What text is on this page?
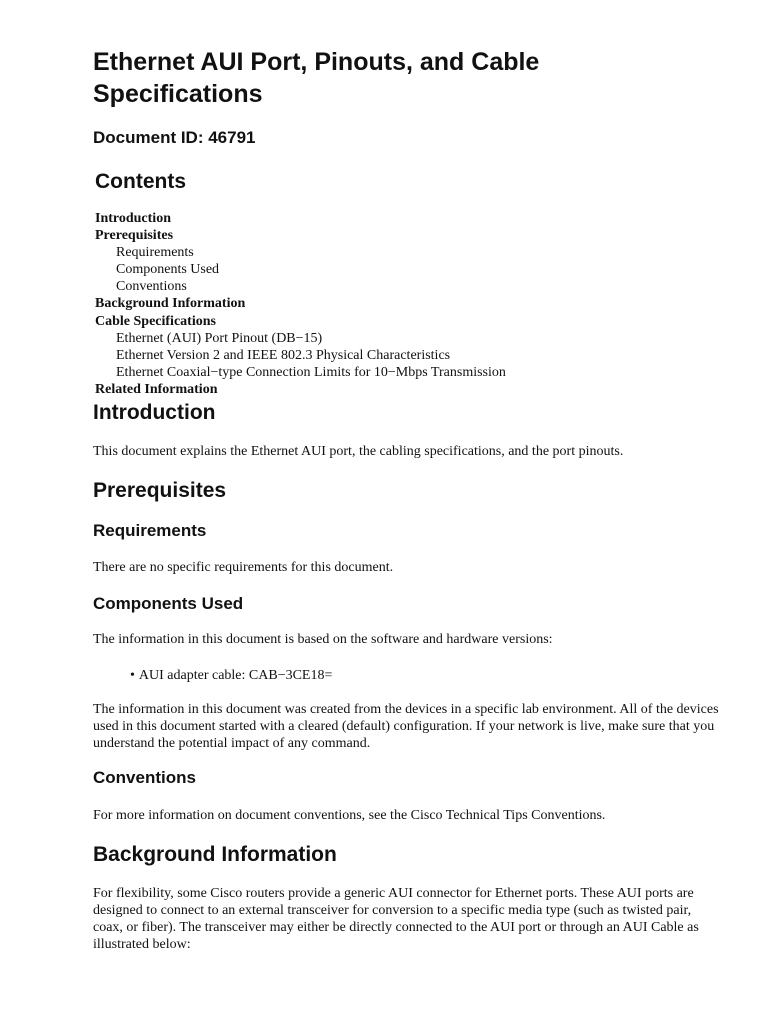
Ethernet AUI Port, Pinouts, and Cable Specifications
Document ID: 46791
Contents
Introduction
Prerequisites
Requirements
Components Used
Conventions
Background Information
Cable Specifications
Ethernet (AUI) Port Pinout (DB−15)
Ethernet Version 2 and IEEE 802.3 Physical Characteristics
Ethernet Coaxial−type Connection Limits for 10−Mbps Transmission
Related Information
Introduction

This document explains the Ethernet AUI port, the cabling specifications, and the port pinouts.

Prerequisites
Requirements

There are no specific requirements for this document.

Components Used

The information in this document is based on the software and hardware versions:

• AUI adapter cable: CAB−3CE18=

The information in this document was created from the devices in a specific lab environment. All of the devices used in this document started with a cleared (default) configuration. If your network is live, make sure that you understand the potential impact of any command.

Conventions

For more information on document conventions, see the Cisco Technical Tips Conventions.

Background Information

For flexibility, some Cisco routers provide a generic AUI connector for Ethernet ports. These AUI ports are designed to connect to an external transceiver for conversion to a specific media type (such as twisted pair, coax, or fiber). The transceiver may either be directly connected to the AUI port or through an AUI Cable as illustrated below:
